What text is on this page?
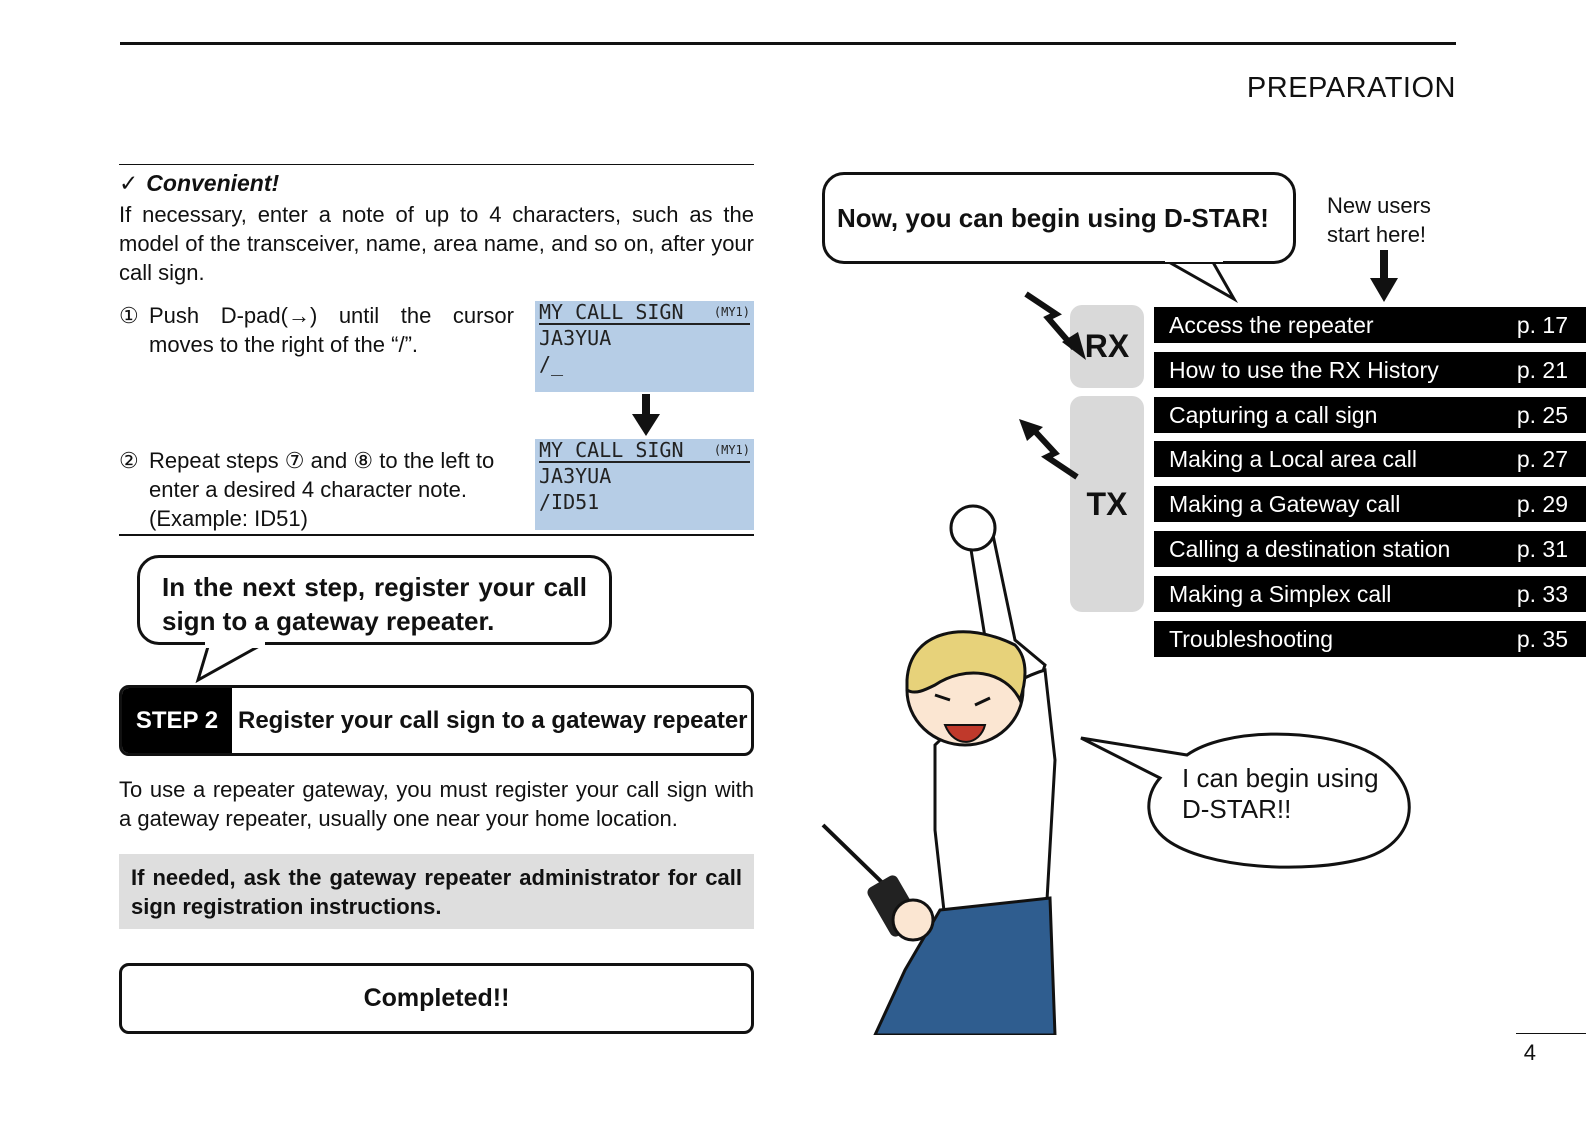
PREPARATION
✓ Convenient!
If necessary, enter a note of up to 4 characters, such as the model of the transceiver, name, area name, and so on, after your call sign.
① Push D-pad(→) until the cursor moves to the right of the “/”.
MY CALL SIGN	(MY1)
JA3YUA
/_
② Repeat steps ⑦ and ⑧ to the left to enter a desired 4 character note. (Example: ID51)
MY CALL SIGN	(MY1)
JA3YUA
/ID51
In the next step, register your call sign to a gateway repeater.
STEP 2 Register your call sign to a gateway repeater
To use a repeater gateway, you must register your call sign with a gateway repeater, usually one near your home location.
If needed, ask the gateway repeater administrator for call sign registration instructions.
Completed!!
Now, you can begin using D-STAR!	New users start here!
RX
TX
Access the repeater	p. 17
How to use the RX History	p. 21
Capturing a call sign	p. 25
Making a Local area call	p. 27
Making a Gateway call	p. 29
Calling a destination station	p. 31
Making a Simplex call	p. 33
Troubleshooting	p. 35
I can begin using D-STAR!!
4
